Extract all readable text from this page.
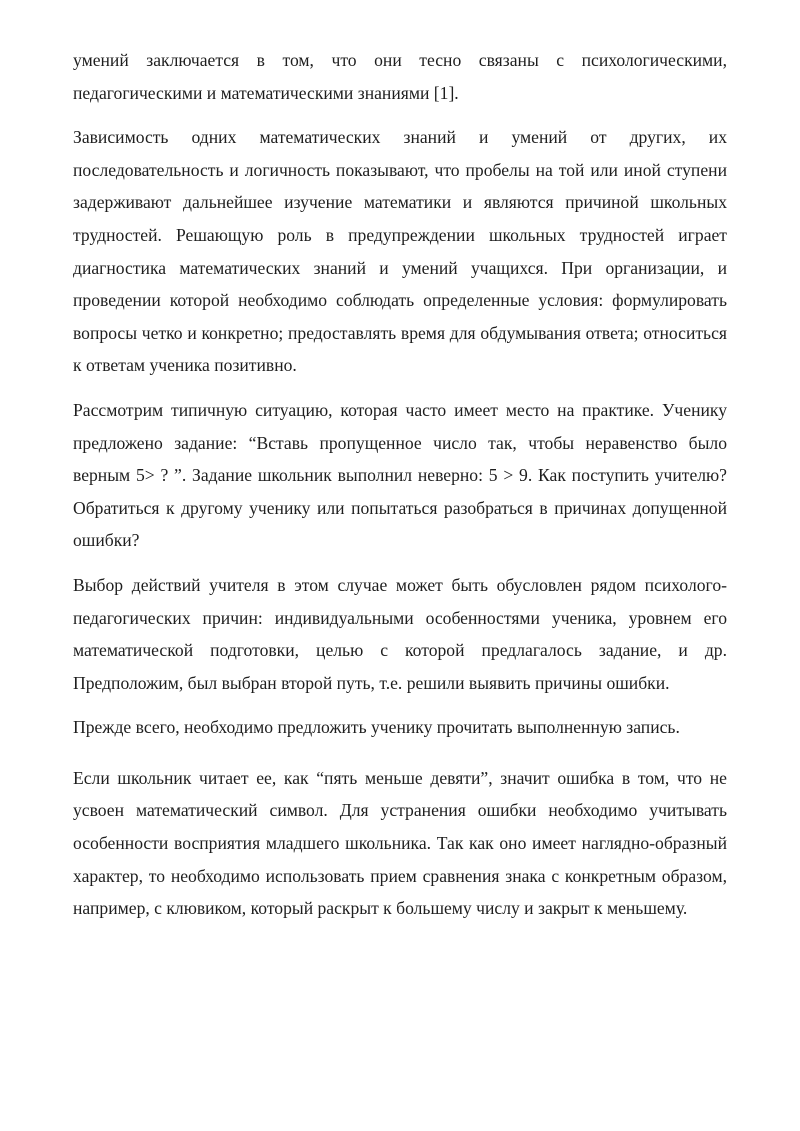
умений заключается в том, что они тесно связаны с психологическими, педагогическими и математическими знаниями [1].

Зависимость одних математических знаний и умений от других, их последовательность и логичность показывают, что пробелы на той или иной ступени задерживают дальнейшее изучение математики и являются причиной школьных трудностей. Решающую роль в предупреждении школьных трудностей играет диагностика математических знаний и умений учащихся. При организации, и проведении которой необходимо соблюдать определенные условия: формулировать вопросы четко и конкретно; предоставлять время для обдумывания ответа; относиться к ответам ученика позитивно.

Рассмотрим типичную ситуацию, которая часто имеет место на практике. Ученику предложено задание: “Вставь пропущенное число так, чтобы неравенство было верным 5> ? ”. Задание школьник выполнил неверно: 5 > 9. Как поступить учителю? Обратиться к другому ученику или попытаться разобраться в причинах допущенной ошибки?

Выбор действий учителя в этом случае может быть обусловлен рядом психолого-педагогических причин: индивидуальными особенностями ученика, уровнем его математической подготовки, целью с которой предлагалось задание, и др. Предположим, был выбран второй путь, т.е. решили выявить причины ошибки.

Прежде всего, необходимо предложить ученику прочитать выполненную запись.

Если школьник читает ее, как “пять меньше девяти”, значит ошибка в том, что не усвоен математический символ. Для устранения ошибки необходимо учитывать особенности восприятия младшего школьника. Так как оно имеет наглядно-образный характер, то необходимо использовать прием сравнения знака с конкретным образом, например, с клювиком, который раскрыт к большему числу и закрыт к меньшему.
